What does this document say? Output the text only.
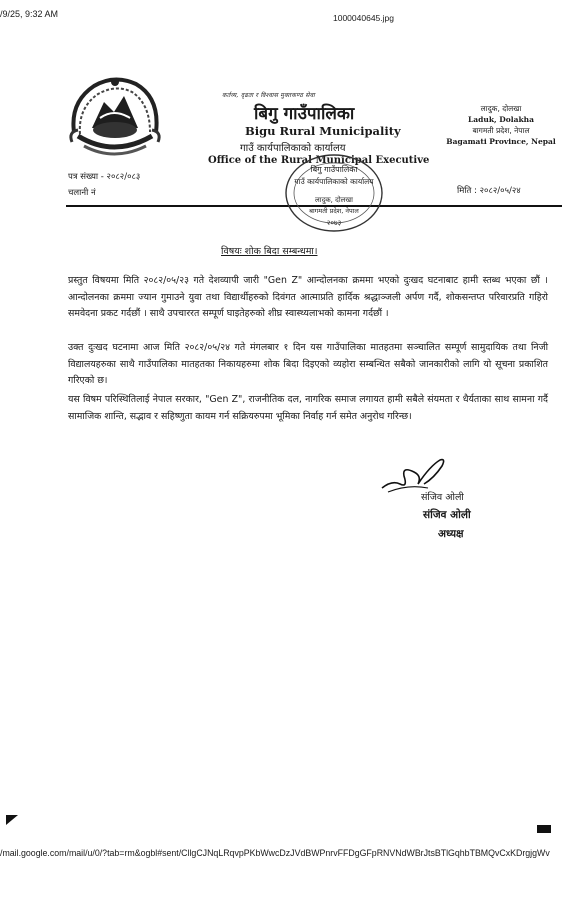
/9/25, 9:32 AM	1000040645.jpg
कर्तव्य, दृढता र विश्वास मुक्तकण्ठ सेवा
बिगु गाउँपालिका
Bigu Rural Municipality
गाउँ कार्यपालिकाको कार्यालय
Office of the Rural Municipal Executive
लादुक, दोलखा
Laduk, Dolakha
बागमती प्रदेश, नेपाल
Bagamati Province, Nepal
पत्र संख्या - २०८२/०८३
चलानी नं	मिति : २०८२/०५/२४
बिगु गाउँपालिका
गाउँ कार्यपालिकाको कार्यालय
लादुक, दोलखा
बागमती प्रदेश, नेपाल
२०७३
विषयः शोक बिदा सम्बन्धमा।
प्रस्तुत विषयमा मिति २०८२/०५/२३ गते देशव्यापी जारी "Gen Z" आन्दोलनका क्रममा भएको दुःखद घटनाबाट हामी स्तब्ध भएका छौं । आन्दोलनका क्रममा ज्यान गुमाउने युवा तथा विद्यार्थीहरुको दिवंगत आत्माप्रति हार्दिक श्रद्धाञ्जली अर्पण गर्दै, शोकसन्तप्त परिवारप्रति गहिरो समवेदना प्रकट गर्दछौं । साथै उपचाररत सम्पूर्ण घाइतेहरुको शीघ्र स्वास्थ्यलाभको कामना गर्दछौं ।
उक्त दुःखद घटनामा आज मिति २०८२/०५/२४ गते मंगलबार १ दिन यस गाउँपालिका मातहतमा सञ्चालित सम्पूर्ण सामुदायिक तथा निजी विद्यालयहरुका साथै गाउँपालिका मातहतका निकायहरुमा शोक बिदा दिइएको व्यहोरा सम्बन्धित सबैको जानकारीको लागि यो सूचना प्रकाशित गरिएको छ।
यस विषम परिस्थितिलाई नेपाल सरकार, "Gen Z", राजनीतिक दल, नागरिक समाज लगायत हामी सबैले संयमता र धैर्यताका साथ सामना गर्दै सामाजिक शान्ति, सद्भाव र सहिष्णुता कायम गर्न सक्रियरुपमा भूमिका निर्वाह गर्न समेत अनुरोध गरिन्छ।
संजिव ओली
संजिव ओली
अध्यक्ष
/mail.google.com/mail/u/0/?tab=rm&ogbl#sent/CllgCJNqLRqvpPKbWwcDzJVdBWPnrvFFDgGFpRNVNdWBrJtsBTlGqhbTBMQvCxKDrgjgWv
